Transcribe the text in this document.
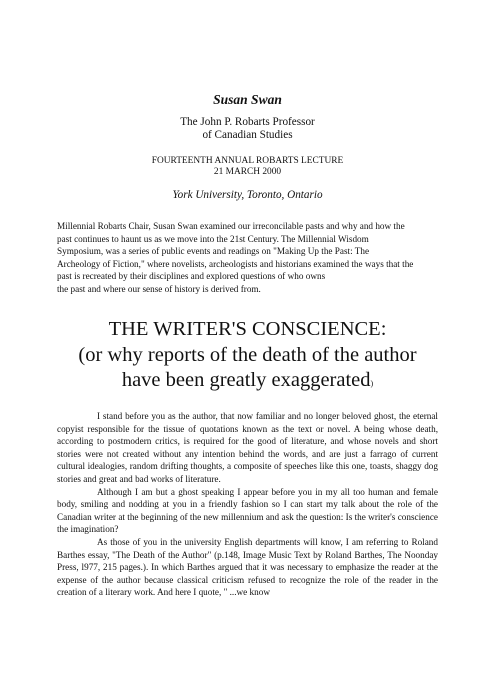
Susan Swan
The John P. Robarts Professor
of Canadian Studies
FOURTEENTH ANNUAL ROBARTS LECTURE
21 MARCH 2000
York University, Toronto, Ontario
Millennial Robarts Chair, Susan Swan examined our irreconcilable pasts and why and how the
past continues to haunt us as we move into the 21st Century. The Millennial Wisdom
Symposium, was a series of public events and readings on "Making Up the Past: The
Archeology of Fiction," where novelists, archeologists and historians examined the ways that the
past is recreated by their disciplines and explored questions of who owns
the past and where our sense of history is derived from.
THE WRITER'S CONSCIENCE:
(or why reports of the death of the author
have been greatly exaggerated)

I stand before you as the author, that now familiar and no longer beloved ghost, the eternal copyist responsible for the tissue of quotations known as the text or novel. A being whose death, according to postmodern critics, is required for the good of literature, and whose novels and short stories were not created without any intention behind the words, and are just a farrago of current cultural idealogies, random drifting thoughts, a composite of speeches like this one, toasts, shaggy dog stories and great and bad works of literature.

Although I am but a ghost speaking I appear before you in my all too human and female body, smiling and nodding at you in a friendly fashion so I can start my talk about the role of the Canadian writer at the beginning of the new millennium and ask the question: Is the writer's conscience the imagination?

As those of you in the university English departments will know, I am referring to Roland Barthes essay, "The Death of the Author" (p.148, Image Music Text by Roland Barthes, The Noonday Press, l977, 215 pages.). In which Barthes argued that it was necessary to emphasize the reader at the expense of the author because classical criticism refused to recognize the role of the reader in the creation of a literary work. And here I quote, " ...we know
